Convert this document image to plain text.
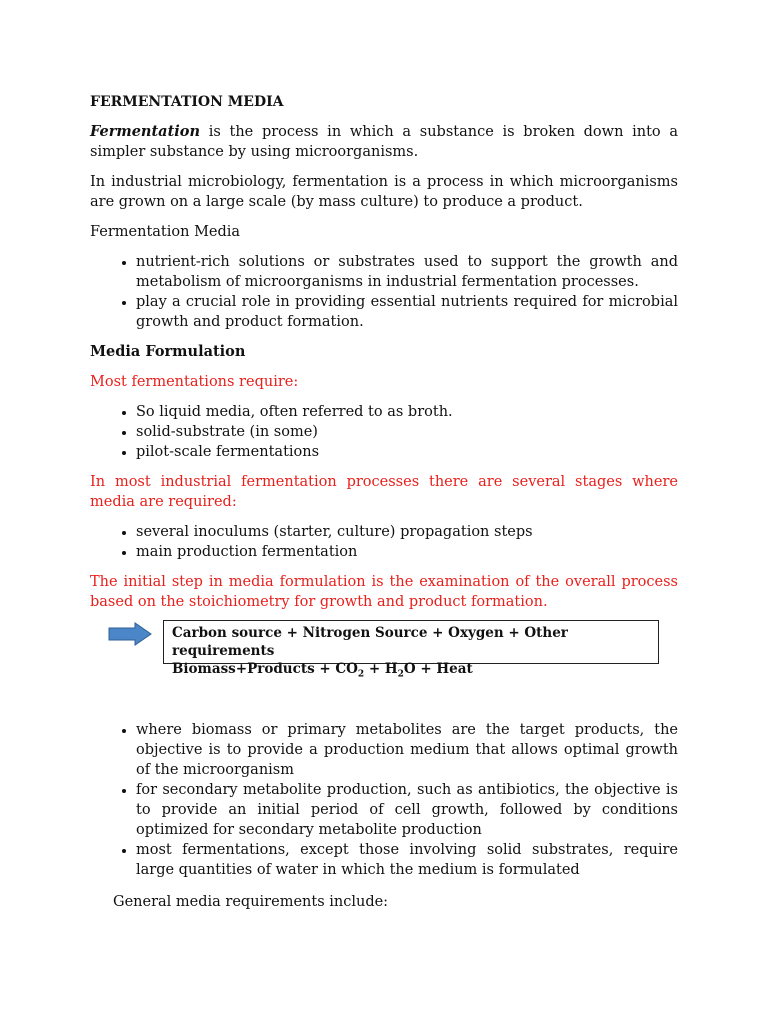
FERMENTATION MEDIA

Fermentation is the process in which a substance is broken down into a simpler substance by using microorganisms.

In industrial microbiology, fermentation is a process in which microorganisms are grown on a large scale (by mass culture) to produce a product.

Fermentation Media

• nutrient-rich solutions or substrates used to support the growth and metabolism of microorganisms in industrial fermentation processes.
• play a crucial role in providing essential nutrients required for microbial growth and product formation.

Media Formulation

Most fermentations require:

• So liquid media, often referred to as broth.
• solid-substrate (in some)
• pilot-scale fermentations

In most industrial fermentation processes there are several stages where media are required:

• several inoculums (starter, culture) propagation steps
• main production fermentation

The initial step in media formulation is the examination of the overall process based on the stoichiometry for growth and product formation.

Carbon source + Nitrogen Source + Oxygen + Other requirements
Biomass+Products + $CO_2 + H_2O$ + Heat
• where biomass or primary metabolites are the target products, the objective is to provide a production medium that allows optimal growth of the microorganism
• for secondary metabolite production, such as antibiotics, the objective is to provide an initial period of cell growth, followed by conditions optimized for secondary metabolite production
• most fermentations, except those involving solid substrates, require large quantities of water in which the medium is formulated

General media requirements include:
